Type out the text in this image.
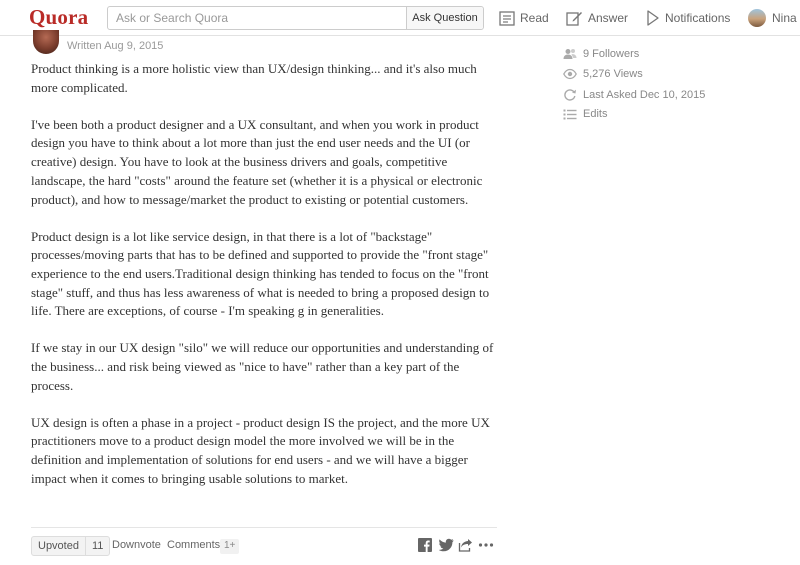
Quora
Ask or Search Quora	Ask Question	Read	Answer	Notifications	Nina
Written Aug 9, 2015

Product thinking is a more holistic view than UX/design thinking... and it's also much more complicated.

I've been both a product designer and a UX consultant, and when you work in product design you have to think about a lot more than just the end user needs and the UI (or creative) design. You have to look at the business drivers and goals, competitive landscape, the hard "costs" around the feature set (whether it is a physical or electronic product), and how to message/market the product to existing or potential customers.

Product design is a lot like service design, in that there is a lot of "backstage" processes/moving parts that has to be defined and supported to provide the "front stage" experience to the end users.Traditional design thinking has tended to focus on the "front stage" stuff, and thus has less awareness of what is needed to bring a proposed design to life. There are exceptions, of course - I'm speaking g in generalities.

If we stay in our UX design "silo" we will reduce our opportunities and understanding of the business... and risk being viewed as "nice to have" rather than a key part of the process.

UX design is often a phase in a project - product design IS the project, and the more UX practitioners move to a product design model the more involved we will be in the definition and implementation of solutions for end users - and we will have a bigger impact when it comes to bringing usable solutions to market.

Upvoted	11 Downvote Comments 1+
9 Followers
5,276 Views
Last Asked Dec 10, 2015
Edits
